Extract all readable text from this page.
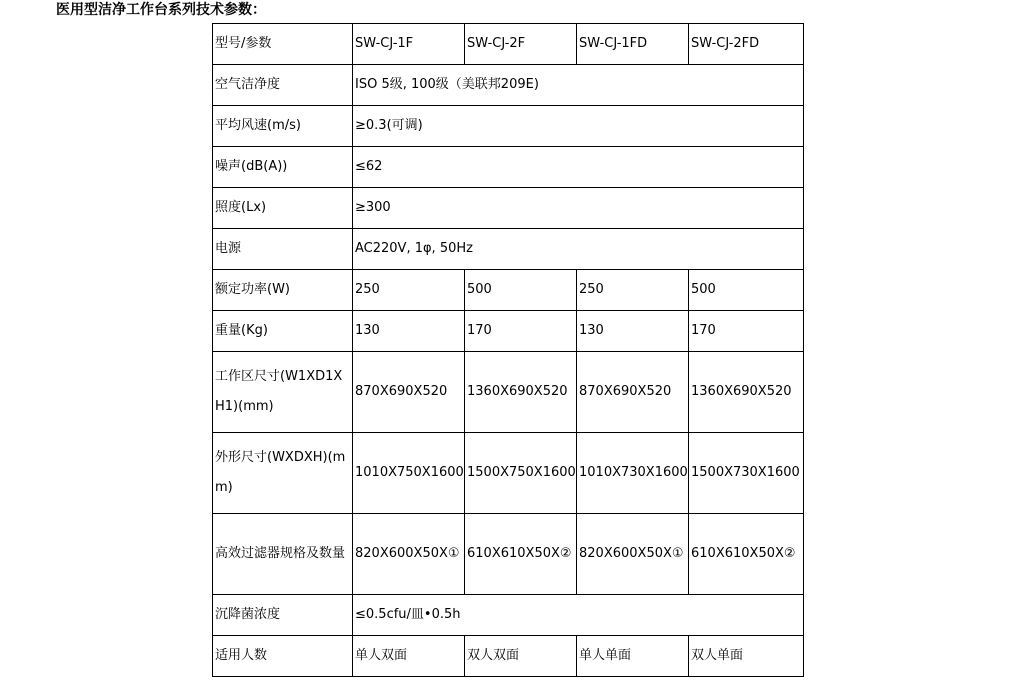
医用型洁净工作台系列技术参数：
型号/参数	SW-CJ-1F	SW-CJ-2F	SW-CJ-1FD	SW-CJ-2FD
空气洁净度	ISO 5级, 100级（美联邦209E)			
平均风速(m/s)	≥0.3(可调)			
噪声(dB(A))	≤62			
照度(Lx)	≥300			
电源	AC220V, 1φ, 50Hz			
额定功率(W)	250	500	250	500
重量(Kg)	130	170	130	170
工作区尺寸(W1XD1XH1)(mm)	870X690X520	1360X690X520	870X690X520	1360X690X520
外形尺寸(WXDXH)(mm)	1010X750X1600	1500X750X1600	1010X730X1600	1500X730X1600
高效过滤器规格及数量	820X600X50X①	610X610X50X②	820X600X50X①	610X610X50X②
沉降菌浓度	≤0.5cfu/皿•0.5h			
适用人数	单人双面	双人双面	单人单面	双人单面
